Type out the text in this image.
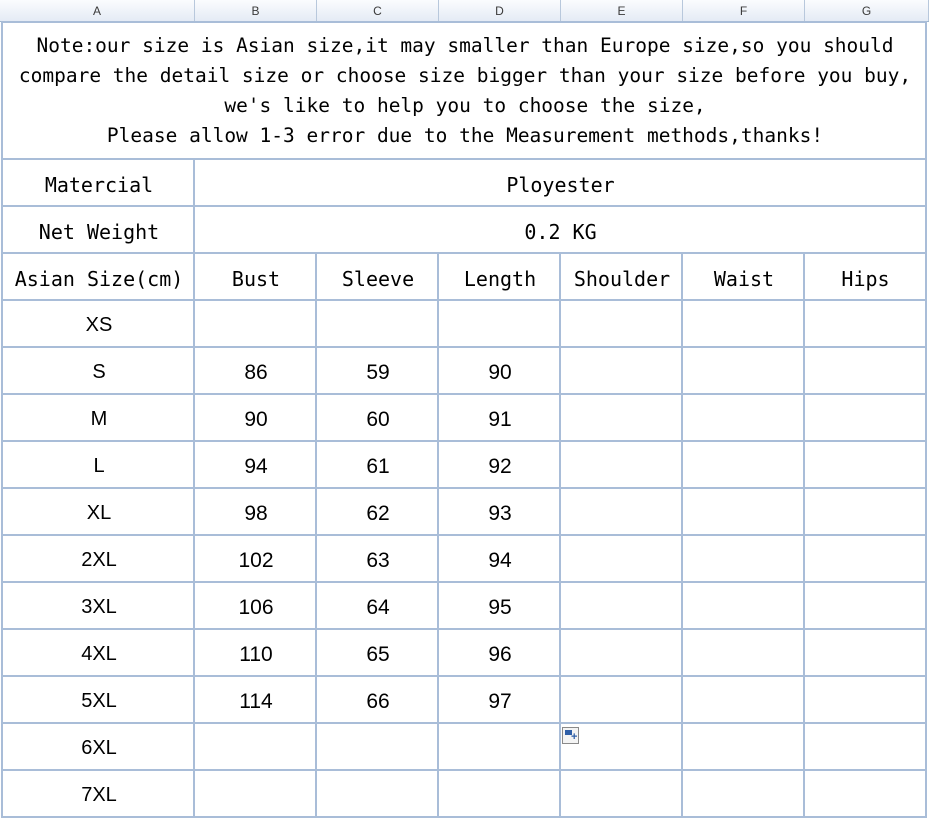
A	B	C	D	E	F	G
Note:our size is Asian size,it may smaller than Europe size,so you should
compare the detail size or choose size bigger than your size before you buy,
we's like to help you to choose the size,
Please allow 1-3 error due to the Measurement methods,thanks!
Matercial	Ployester
Net Weight	0.2 KG
Asian Size(cm)	Bust	Sleeve	Length	Shoulder	Waist	Hips
XS
S	86	59	90
M	90	60	91
L	94	61	92
XL	98	62	93
2XL	102	63	94
3XL	106	64	95
4XL	110	65	96
5XL	114	66	97
6XL
7XL
+
